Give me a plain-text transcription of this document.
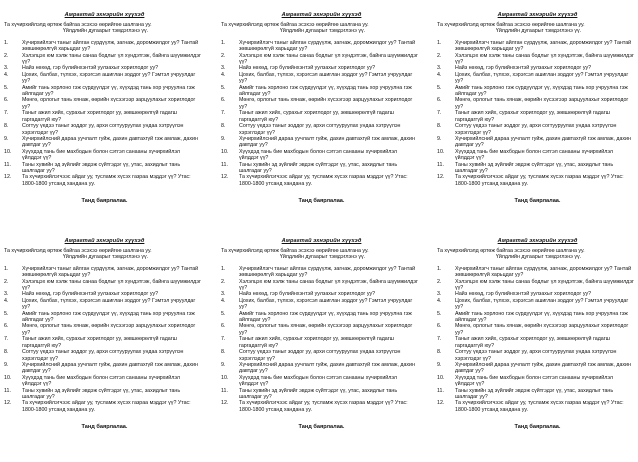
Амрагтай эхнэрийн хүүхэд
Та хүчирхийлэлд өртөж байгаа эсэхээ өөрийгөө шалгана уу.
Үйлдлийн дугаарыг тэмдэглэнэ үү.
1.	Хүчирхийлэгч таныг айлган сүрдүүлж, загнаж, доромжилдог уу? Тантай зөвшөөрөлгүй харьцдаг уу?
2.	Хэлэлцэх юм хэлж таны санаа бодлыг үл хүндэтгэж, байнга шүүмжилдэг үү?
3.	Найз нөхөд, гэр бүлийнхэнтэй уулзахыг хориглодог уу?
4.	Цохих, балбах, түлхэх, хэрэгсэл ашиглан зоддог уу? Гэмтэл учруулдаг уу?
5.	Амийг тань хорлоно гэж сүрдүүлдэг үү, хүүхдэд тань хор учруулна гэж айлгадаг уу?
6.	Мөнгө, орлогыг тань хянаж, өөрийн хүсээгээр зарцуулахыг хориглодог уу?
7.	Таныг ажил хийх, сурахыг хориглодог уу, зөвшөөрөлгүй гадагш гаргадаггүй юу?
8.	Согтуу үедээ таныг зоддог уу, архи согтууруулах ундаа хэтрүүлэн хэрэглэдэг үү?
9.	Хүчирхийлсний дараа уучлалт гуйж, дахин давтахгүй гэж амлаж, дахин давтдаг уу?
10.	Хүүхдэд тань бие махбодын болон сэтгэл санааны хүчирхийлэл үйлддэг үү?
11.	Таны хувийн эд зүйлийг эвдэж сүйтгэдэг үү, утас, захидлыг тань шалгадаг уу?
12.	Та хүчирхийлэгчээс айдаг уу, тусламж хүсэх газраа мэддэг үү? Утас: 1800-1800 утсанд хандана уу.
Танд баярлалаа.
Амрагтай эхнэрийн хүүхэд
Та хүчирхийлэлд өртөж байгаа эсэхээ өөрийгөө шалгана уу.
Үйлдлийн дугаарыг тэмдэглэнэ үү.
1.	Хүчирхийлэгч таныг айлган сүрдүүлж, загнаж, доромжилдог уу? Тантай зөвшөөрөлгүй харьцдаг уу?
2.	Хэлэлцэх юм хэлж таны санаа бодлыг үл хүндэтгэж, байнга шүүмжилдэг үү?
3.	Найз нөхөд, гэр бүлийнхэнтэй уулзахыг хориглодог уу?
4.	Цохих, балбах, түлхэх, хэрэгсэл ашиглан зоддог уу? Гэмтэл учруулдаг уу?
5.	Амийг тань хорлоно гэж сүрдүүлдэг үү, хүүхдэд тань хор учруулна гэж айлгадаг уу?
6.	Мөнгө, орлогыг тань хянаж, өөрийн хүсээгээр зарцуулахыг хориглодог уу?
7.	Таныг ажил хийх, сурахыг хориглодог уу, зөвшөөрөлгүй гадагш гаргадаггүй юу?
8.	Согтуу үедээ таныг зоддог уу, архи согтууруулах ундаа хэтрүүлэн хэрэглэдэг үү?
9.	Хүчирхийлсний дараа уучлалт гуйж, дахин давтахгүй гэж амлаж, дахин давтдаг уу?
10.	Хүүхдэд тань бие махбодын болон сэтгэл санааны хүчирхийлэл үйлддэг үү?
11.	Таны хувийн эд зүйлийг эвдэж сүйтгэдэг үү, утас, захидлыг тань шалгадаг уу?
12.	Та хүчирхийлэгчээс айдаг уу, тусламж хүсэх газраа мэддэг үү? Утас: 1800-1800 утсанд хандана уу.
Танд баярлалаа.
Амрагтай эхнэрийн хүүхэд
Та хүчирхийлэлд өртөж байгаа эсэхээ өөрийгөө шалгана уу.
Үйлдлийн дугаарыг тэмдэглэнэ үү.
1.	Хүчирхийлэгч таныг айлган сүрдүүлж, загнаж, доромжилдог уу? Тантай зөвшөөрөлгүй харьцдаг уу?
2.	Хэлэлцэх юм хэлж таны санаа бодлыг үл хүндэтгэж, байнга шүүмжилдэг үү?
3.	Найз нөхөд, гэр бүлийнхэнтэй уулзахыг хориглодог уу?
4.	Цохих, балбах, түлхэх, хэрэгсэл ашиглан зоддог уу? Гэмтэл учруулдаг уу?
5.	Амийг тань хорлоно гэж сүрдүүлдэг үү, хүүхдэд тань хор учруулна гэж айлгадаг уу?
6.	Мөнгө, орлогыг тань хянаж, өөрийн хүсээгээр зарцуулахыг хориглодог уу?
7.	Таныг ажил хийх, сурахыг хориглодог уу, зөвшөөрөлгүй гадагш гаргадаггүй юу?
8.	Согтуу үедээ таныг зоддог уу, архи согтууруулах ундаа хэтрүүлэн хэрэглэдэг үү?
9.	Хүчирхийлсний дараа уучлалт гуйж, дахин давтахгүй гэж амлаж, дахин давтдаг уу?
10.	Хүүхдэд тань бие махбодын болон сэтгэл санааны хүчирхийлэл үйлддэг үү?
11.	Таны хувийн эд зүйлийг эвдэж сүйтгэдэг үү, утас, захидлыг тань шалгадаг уу?
12.	Та хүчирхийлэгчээс айдаг уу, тусламж хүсэх газраа мэддэг үү? Утас: 1800-1800 утсанд хандана уу.
Танд баярлалаа.
Амрагтай эхнэрийн хүүхэд
Та хүчирхийлэлд өртөж байгаа эсэхээ өөрийгөө шалгана уу.
Үйлдлийн дугаарыг тэмдэглэнэ үү.
1.	Хүчирхийлэгч таныг айлган сүрдүүлж, загнаж, доромжилдог уу? Тантай зөвшөөрөлгүй харьцдаг уу?
2.	Хэлэлцэх юм хэлж таны санаа бодлыг үл хүндэтгэж, байнга шүүмжилдэг үү?
3.	Найз нөхөд, гэр бүлийнхэнтэй уулзахыг хориглодог уу?
4.	Цохих, балбах, түлхэх, хэрэгсэл ашиглан зоддог уу? Гэмтэл учруулдаг уу?
5.	Амийг тань хорлоно гэж сүрдүүлдэг үү, хүүхдэд тань хор учруулна гэж айлгадаг уу?
6.	Мөнгө, орлогыг тань хянаж, өөрийн хүсээгээр зарцуулахыг хориглодог уу?
7.	Таныг ажил хийх, сурахыг хориглодог уу, зөвшөөрөлгүй гадагш гаргадаггүй юу?
8.	Согтуу үедээ таныг зоддог уу, архи согтууруулах ундаа хэтрүүлэн хэрэглэдэг үү?
9.	Хүчирхийлсний дараа уучлалт гуйж, дахин давтахгүй гэж амлаж, дахин давтдаг уу?
10.	Хүүхдэд тань бие махбодын болон сэтгэл санааны хүчирхийлэл үйлддэг үү?
11.	Таны хувийн эд зүйлийг эвдэж сүйтгэдэг үү, утас, захидлыг тань шалгадаг уу?
12.	Та хүчирхийлэгчээс айдаг уу, тусламж хүсэх газраа мэддэг үү? Утас: 1800-1800 утсанд хандана уу.
Танд баярлалаа.
Амрагтай эхнэрийн хүүхэд
Та хүчирхийлэлд өртөж байгаа эсэхээ өөрийгөө шалгана уу.
Үйлдлийн дугаарыг тэмдэглэнэ үү.
1.	Хүчирхийлэгч таныг айлган сүрдүүлж, загнаж, доромжилдог уу? Тантай зөвшөөрөлгүй харьцдаг уу?
2.	Хэлэлцэх юм хэлж таны санаа бодлыг үл хүндэтгэж, байнга шүүмжилдэг үү?
3.	Найз нөхөд, гэр бүлийнхэнтэй уулзахыг хориглодог уу?
4.	Цохих, балбах, түлхэх, хэрэгсэл ашиглан зоддог уу? Гэмтэл учруулдаг уу?
5.	Амийг тань хорлоно гэж сүрдүүлдэг үү, хүүхдэд тань хор учруулна гэж айлгадаг уу?
6.	Мөнгө, орлогыг тань хянаж, өөрийн хүсээгээр зарцуулахыг хориглодог уу?
7.	Таныг ажил хийх, сурахыг хориглодог уу, зөвшөөрөлгүй гадагш гаргадаггүй юу?
8.	Согтуу үедээ таныг зоддог уу, архи согтууруулах ундаа хэтрүүлэн хэрэглэдэг үү?
9.	Хүчирхийлсний дараа уучлалт гуйж, дахин давтахгүй гэж амлаж, дахин давтдаг уу?
10.	Хүүхдэд тань бие махбодын болон сэтгэл санааны хүчирхийлэл үйлддэг үү?
11.	Таны хувийн эд зүйлийг эвдэж сүйтгэдэг үү, утас, захидлыг тань шалгадаг уу?
12.	Та хүчирхийлэгчээс айдаг уу, тусламж хүсэх газраа мэддэг үү? Утас: 1800-1800 утсанд хандана уу.
Танд баярлалаа.
Амрагтай эхнэрийн хүүхэд
Та хүчирхийлэлд өртөж байгаа эсэхээ өөрийгөө шалгана уу.
Үйлдлийн дугаарыг тэмдэглэнэ үү.
1.	Хүчирхийлэгч таныг айлган сүрдүүлж, загнаж, доромжилдог уу? Тантай зөвшөөрөлгүй харьцдаг уу?
2.	Хэлэлцэх юм хэлж таны санаа бодлыг үл хүндэтгэж, байнга шүүмжилдэг үү?
3.	Найз нөхөд, гэр бүлийнхэнтэй уулзахыг хориглодог уу?
4.	Цохих, балбах, түлхэх, хэрэгсэл ашиглан зоддог уу? Гэмтэл учруулдаг уу?
5.	Амийг тань хорлоно гэж сүрдүүлдэг үү, хүүхдэд тань хор учруулна гэж айлгадаг уу?
6.	Мөнгө, орлогыг тань хянаж, өөрийн хүсээгээр зарцуулахыг хориглодог уу?
7.	Таныг ажил хийх, сурахыг хориглодог уу, зөвшөөрөлгүй гадагш гаргадаггүй юу?
8.	Согтуу үедээ таныг зоддог уу, архи согтууруулах ундаа хэтрүүлэн хэрэглэдэг үү?
9.	Хүчирхийлсний дараа уучлалт гуйж, дахин давтахгүй гэж амлаж, дахин давтдаг уу?
10.	Хүүхдэд тань бие махбодын болон сэтгэл санааны хүчирхийлэл үйлддэг үү?
11.	Таны хувийн эд зүйлийг эвдэж сүйтгэдэг үү, утас, захидлыг тань шалгадаг уу?
12.	Та хүчирхийлэгчээс айдаг уу, тусламж хүсэх газраа мэддэг үү? Утас: 1800-1800 утсанд хандана уу.
Танд баярлалаа.
